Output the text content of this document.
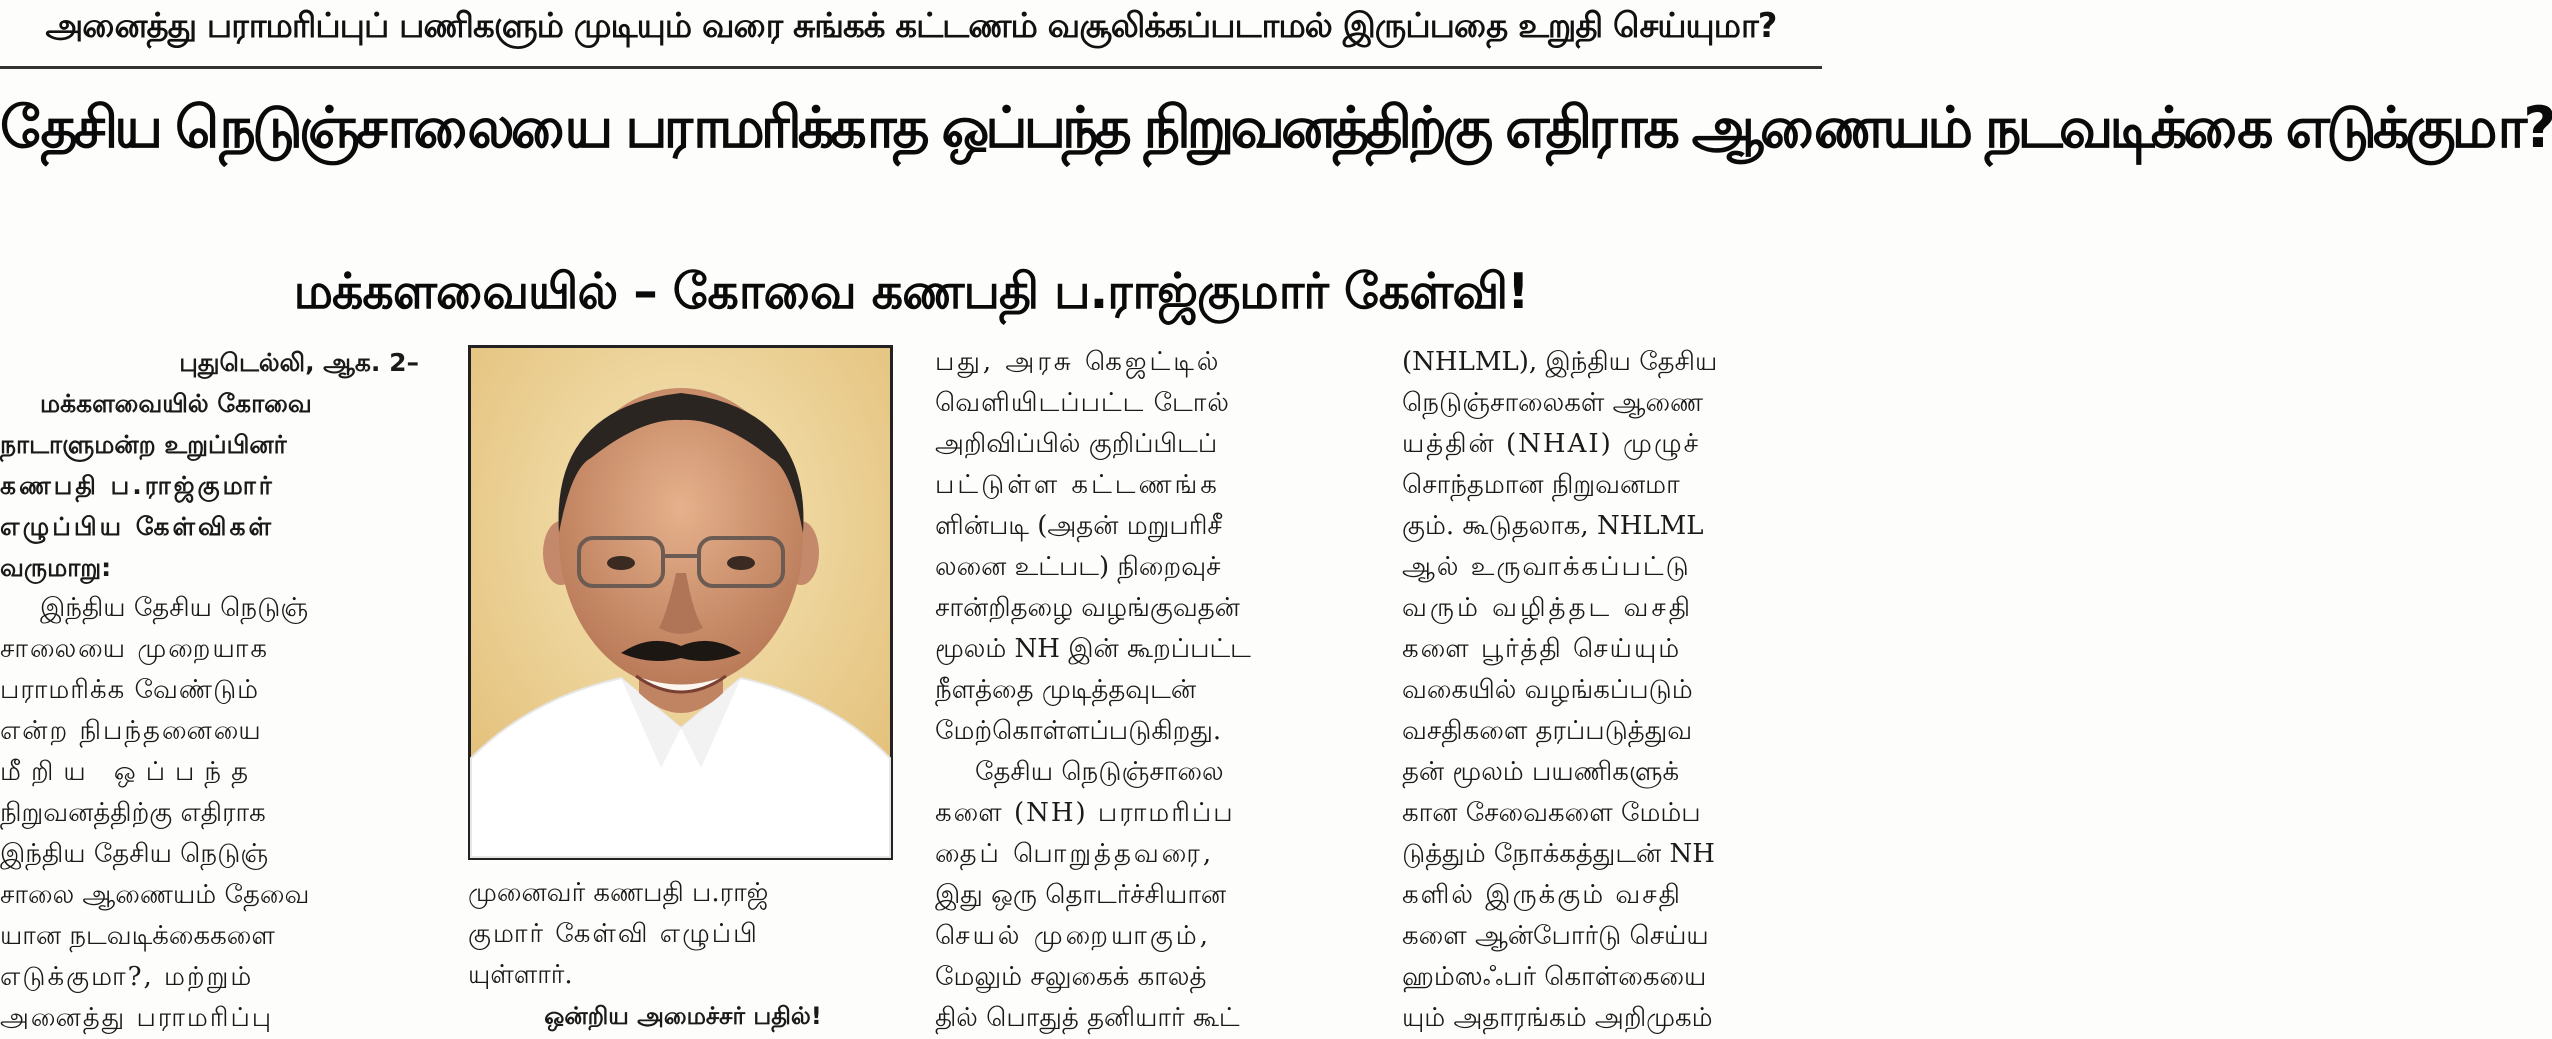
அனைத்து பராமரிப்புப் பணிகளும் முடியும் வரை சுங்கக் கட்டணம் வசூலிக்கப்படாமல் இருப்பதை உறுதி செய்யுமா?
தேசிய நெடுஞ்சாலையை பராமரிக்காத ஒப்பந்த நிறுவனத்திற்கு எதிராக ஆணையம் நடவடிக்கை எடுக்குமா?
மக்களவையில் – கோவை கணபதி ப.ராஜ்குமார் கேள்வி!
புதுடெல்லி, ஆக. 2–
மக்களவையில் கோவை
நாடாளுமன்ற உறுப்பினர்
கணபதி ப.ராஜ்குமார்
எழுப்பிய கேள்விகள்
வருமாறு:
இந்திய தேசிய நெடுஞ்
சாலையை முறையாக
பராமரிக்க வேண்டும்
என்ற நிபந்தனையை
மீறிய ஒப்பந்த
நிறுவனத்திற்கு எதிராக
இந்திய தேசிய நெடுஞ்
சாலை ஆணையம் தேவை
யான நடவடிக்கைகளை
எடுக்குமா?, மற்றும்
அனைத்து பராமரிப்பு
முனைவர் கணபதி ப.ராஜ்
குமார் கேள்வி எழுப்பி
யுள்ளார்.
ஒன்றிய அமைச்சர் பதில்!
பது, அரசு கெஜட்டில்
வெளியிடப்பட்ட டோல்
அறிவிப்பில் குறிப்பிடப்
பட்டுள்ள கட்டணங்க
ளின்படி (அதன் மறுபரிசீ
லனை உட்பட) நிறைவுச்
சான்றிதழை வழங்குவதன்
மூலம் NH இன் கூறப்பட்ட
நீளத்தை முடித்தவுடன்
மேற்கொள்ளப்படுகிறது.
தேசிய நெடுஞ்சாலை
களை (NH) பராமரிப்ப
தைப் பொறுத்தவரை,
இது ஒரு தொடர்ச்சியான
செயல் முறையாகும்,
மேலும் சலுகைக் காலத்
தில் பொதுத் தனியார் கூட்
(NHLML), இந்திய தேசிய
நெடுஞ்சாலைகள் ஆணை
யத்தின் (NHAI) முழுச்
சொந்தமான நிறுவனமா
கும். கூடுதலாக, NHLML
ஆல் உருவாக்கப்பட்டு
வரும் வழித்தட வசதி
களை பூர்த்தி செய்யும்
வகையில் வழங்கப்படும்
வசதிகளை தரப்படுத்துவ
தன் மூலம் பயணிகளுக்
கான சேவைகளை மேம்ப
டுத்தும் நோக்கத்துடன் NH
களில் இருக்கும் வசதி
களை ஆன்போர்டு செய்ய
ஹம்ஸஃபர் கொள்கையை
யும் அதாரங்கம் அறிமுகம்
